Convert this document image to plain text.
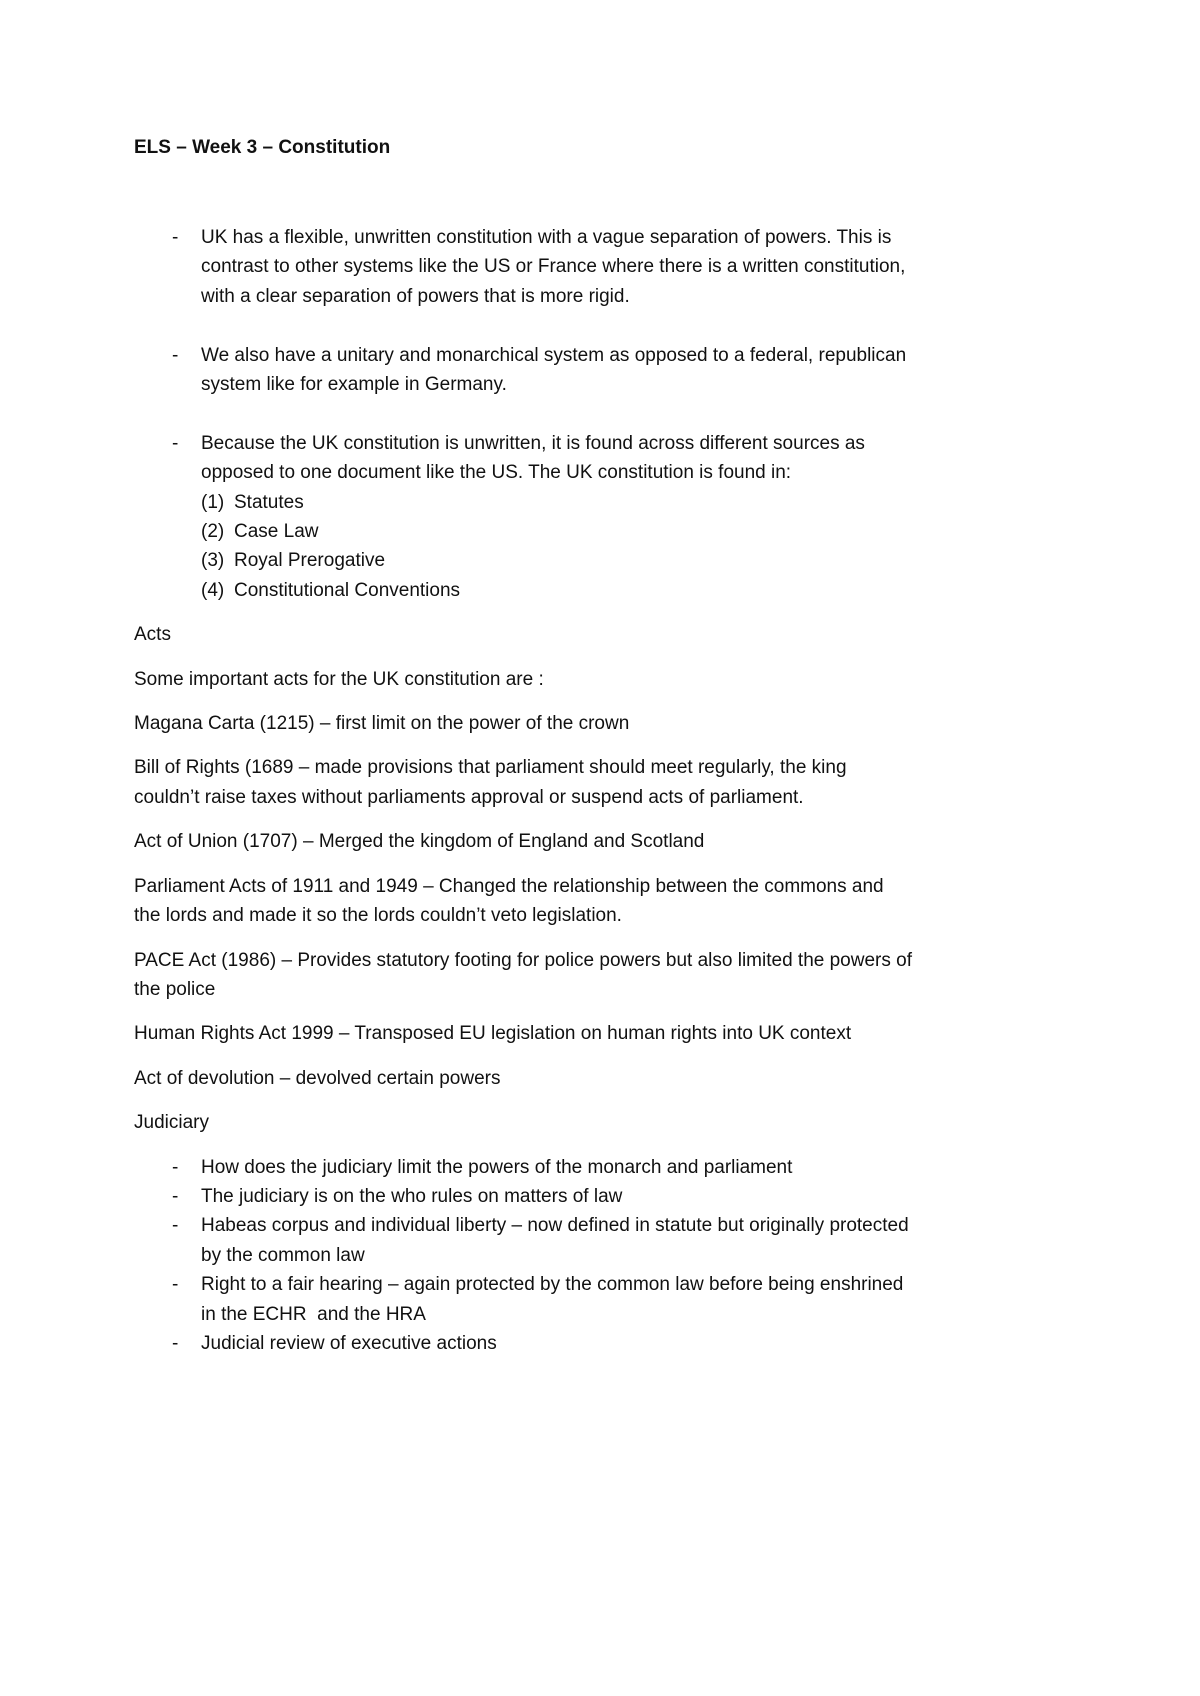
ELS – Week 3 – Constitution
- UK has a flexible, unwritten constitution with a vague separation of powers. This is
contrast to other systems like the US or France where there is a written constitution,
with a clear separation of powers that is more rigid.
- We also have a unitary and monarchical system as opposed to a federal, republican
system like for example in Germany.
- Because the UK constitution is unwritten, it is found across different sources as
opposed to one document like the US. The UK constitution is found in:
(1) Statutes
(2) Case Law
(3) Royal Prerogative
(4) Constitutional Conventions

Acts

Some important acts for the UK constitution are :

Magana Carta (1215) – first limit on the power of the crown

Bill of Rights (1689 – made provisions that parliament should meet regularly, the king
couldn’t raise taxes without parliaments approval or suspend acts of parliament.

Act of Union (1707) – Merged the kingdom of England and Scotland

Parliament Acts of 1911 and 1949 – Changed the relationship between the commons and
the lords and made it so the lords couldn’t veto legislation.

PACE Act (1986) – Provides statutory footing for police powers but also limited the powers of
the police

Human Rights Act 1999 – Transposed EU legislation on human rights into UK context

Act of devolution – devolved certain powers

Judiciary

- How does the judiciary limit the powers of the monarch and parliament
- The judiciary is on the who rules on matters of law
- Habeas corpus and individual liberty – now defined in statute but originally protected
by the common law
- Right to a fair hearing – again protected by the common law before being enshrined
in the ECHR  and the HRA
- Judicial review of executive actions
